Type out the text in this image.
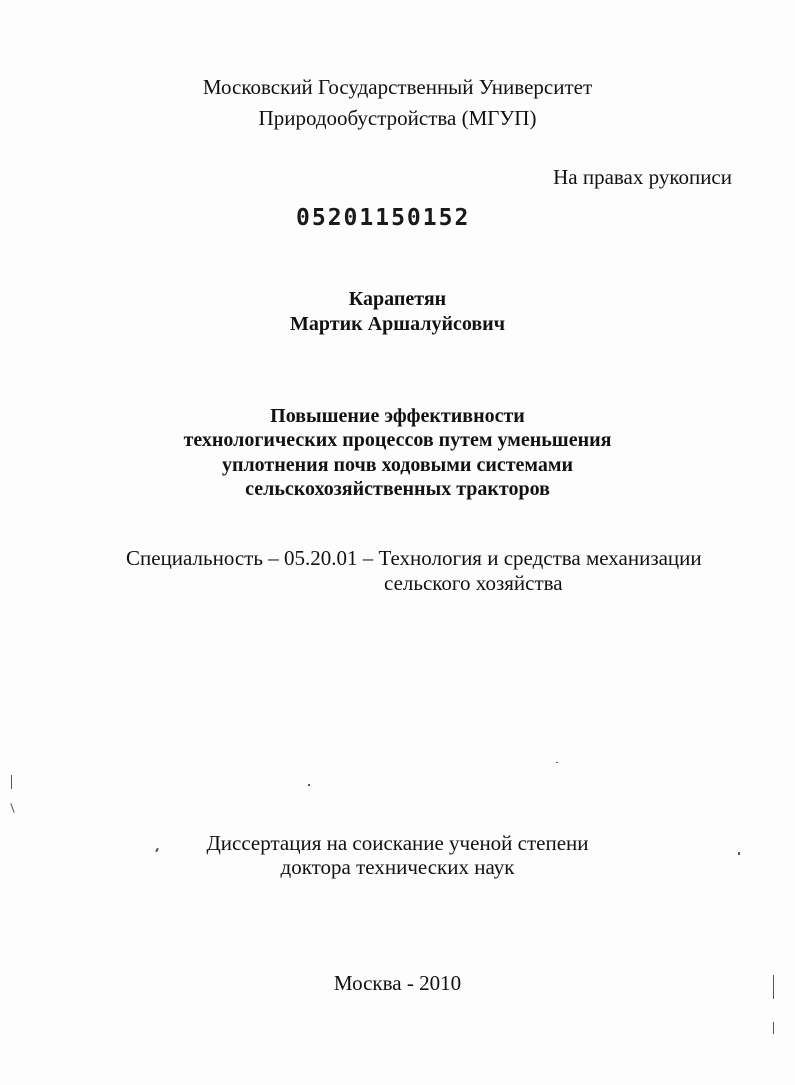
Московский Государственный Университет
Природообустройства (МГУП)
На правах рукописи
05201150152
Карапетян
Мартик Аршалуйсович
Повышение эффективности
технологических процессов путем уменьшения
уплотнения почв ходовыми системами
сельскохозяйственных тракторов
Специальность – 05.20.01 – Технология и средства механизации
сельского хозяйства
Диссертация на соискание ученой степени
доктора технических наук
Москва - 2010
